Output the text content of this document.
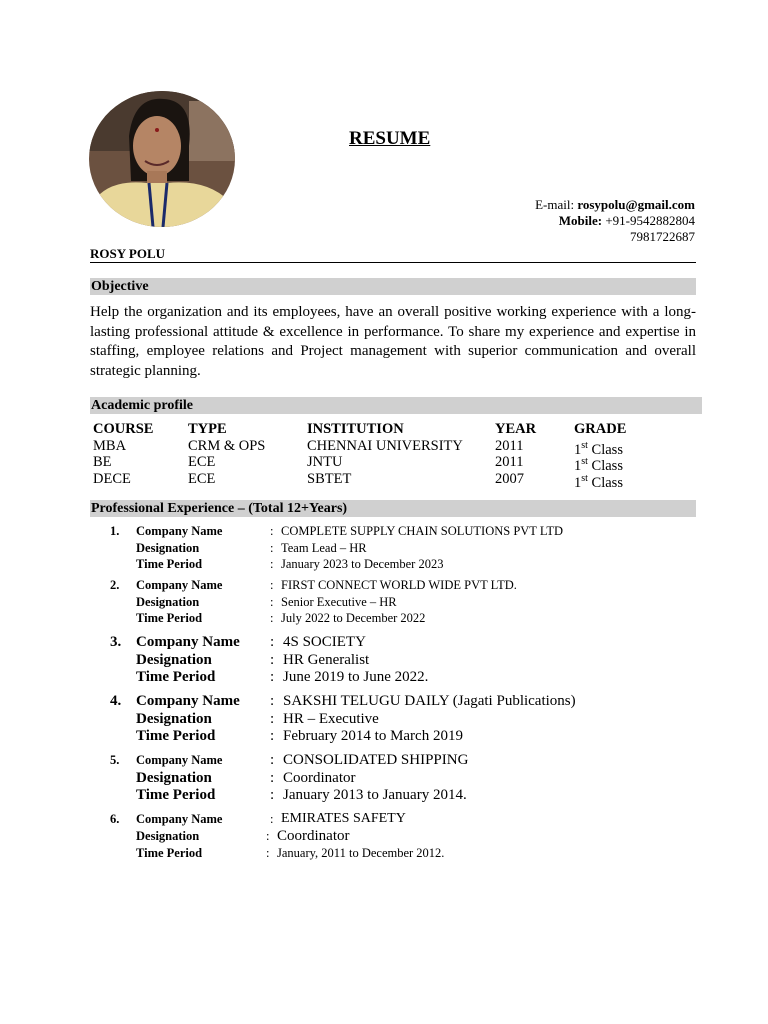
RESUME
E-mail: rosypolu@gmail.com
Mobile: +91-9542882804
7981722687
ROSY POLU
Objective
Help the organization and its employees, have an overall positive working experience with a long-lasting professional attitude & excellence in performance. To share my experience and expertise in staffing, employee relations and Project management with superior communication and overall strategic planning.
Academic profile
COURSE TYPE	INSTITUTION	YEAR	GRADE
MBA	CRM & OPS	CHENNAI UNIVERSITY 2011	1st Class
BE	ECE	JNTU	2011	1st Class
DECE	ECE	SBTET	2007	1st Class
Professional Experience – (Total 12+Years)
1. Company Name	: COMPLETE SUPPLY CHAIN SOLUTIONS PVT LTD
Designation	: Team Lead – HR
Time Period	: January 2023 to December 2023
2. Company Name	: FIRST CONNECT WORLD WIDE PVT LTD.
Designation	: Senior Executive – HR
Time Period	: July 2022 to December 2022
3. Company Name : 4S SOCIETY
Designation	: HR Generalist
Time Period	: June 2019 to June 2022.
4. Company Name : SAKSHI TELUGU DAILY (Jagati Publications)
Designation	: HR – Executive
Time Period	: February 2014 to March 2019
5. Company Name	: CONSOLIDATED SHIPPING
Designation	: Coordinator
Time Period	: January 2013 to January 2014.
6. Company Name	: EMIRATES SAFETY
Designation	: Coordinator
Time Period	: January, 2011 to December 2012.
